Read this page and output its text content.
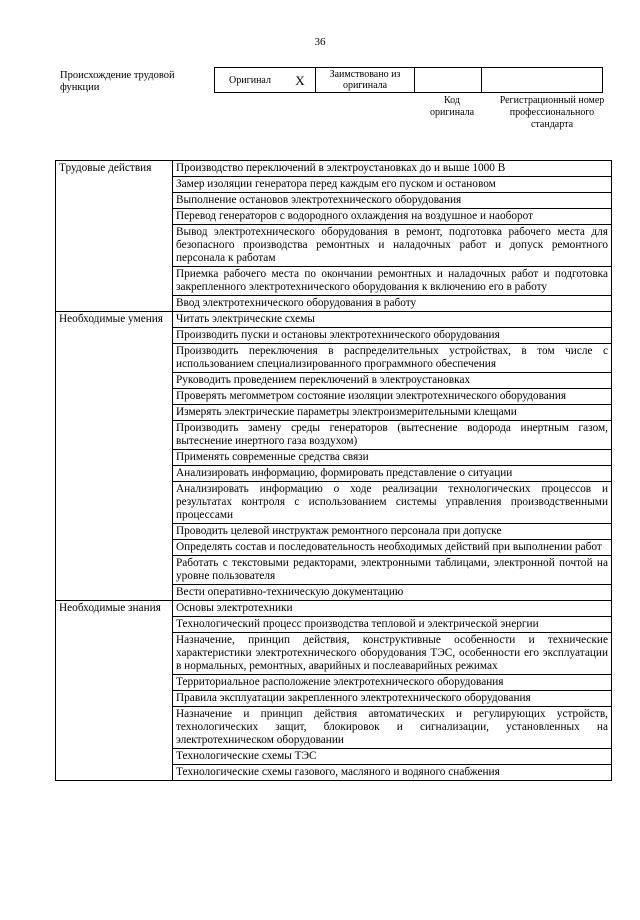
36
Происхождение трудовой функции
Оригинал	X	Заимствовано из оригинала		
Код оригинала
Регистрационный номер профессионального стандарта
Трудовые действия	Производство переключений в электроустановках до и выше 1000 В
	Замер изоляции генератора перед каждым его пуском и остановом
	Выполнение остановов электротехнического оборудования
	Перевод генераторов с водородного охлаждения на воздушное и наоборот
	Вывод электротехнического оборудования в ремонт, подготовка рабочего места для безопасного производства ремонтных и наладочных работ и допуск ремонтного персонала к работам
	Приемка рабочего места по окончании ремонтных и наладочных работ и подготовка закрепленного электротехнического оборудования к включению его в работу
	Ввод электротехнического оборудования в работу
Необходимые умения	Читать электрические схемы
	Производить пуски и остановы электротехнического оборудования
	Производить переключения в распределительных устройствах, в том числе с использованием специализированного программного обеспечения
	Руководить проведением переключений в электроустановках
	Проверять мегомметром состояние изоляции электротехнического оборудования
	Измерять электрические параметры электроизмерительными клещами
	Производить замену среды генераторов (вытеснение водорода инертным газом, вытеснение инертного газа воздухом)
	Применять современные средства связи
	Анализировать информацию, формировать представление о ситуации
	Анализировать информацию о ходе реализации технологических процессов и результатах контроля с использованием системы управления производственными процессами
	Проводить целевой инструктаж ремонтного персонала при допуске
	Определять состав и последовательность необходимых действий при выполнении работ
	Работать с текстовыми редакторами, электронными таблицами, электронной почтой на уровне пользователя
	Вести оперативно-техническую документацию
Необходимые знания	Основы электротехники
	Технологический процесс производства тепловой и электрической энергии
	Назначение, принцип действия, конструктивные особенности и технические характеристики электротехнического оборудования ТЭС, особенности его эксплуатации в нормальных, ремонтных, аварийных и послеаварийных режимах
	Территориальное расположение электротехнического оборудования
	Правила эксплуатации закрепленного электротехнического оборудования
	Назначение и принцип действия автоматических и регулирующих устройств, технологических защит, блокировок и сигнализации, установленных на электротехническом оборудовании
	Технологические схемы ТЭС
	Технологические схемы газового, масляного и водяного снабжения
